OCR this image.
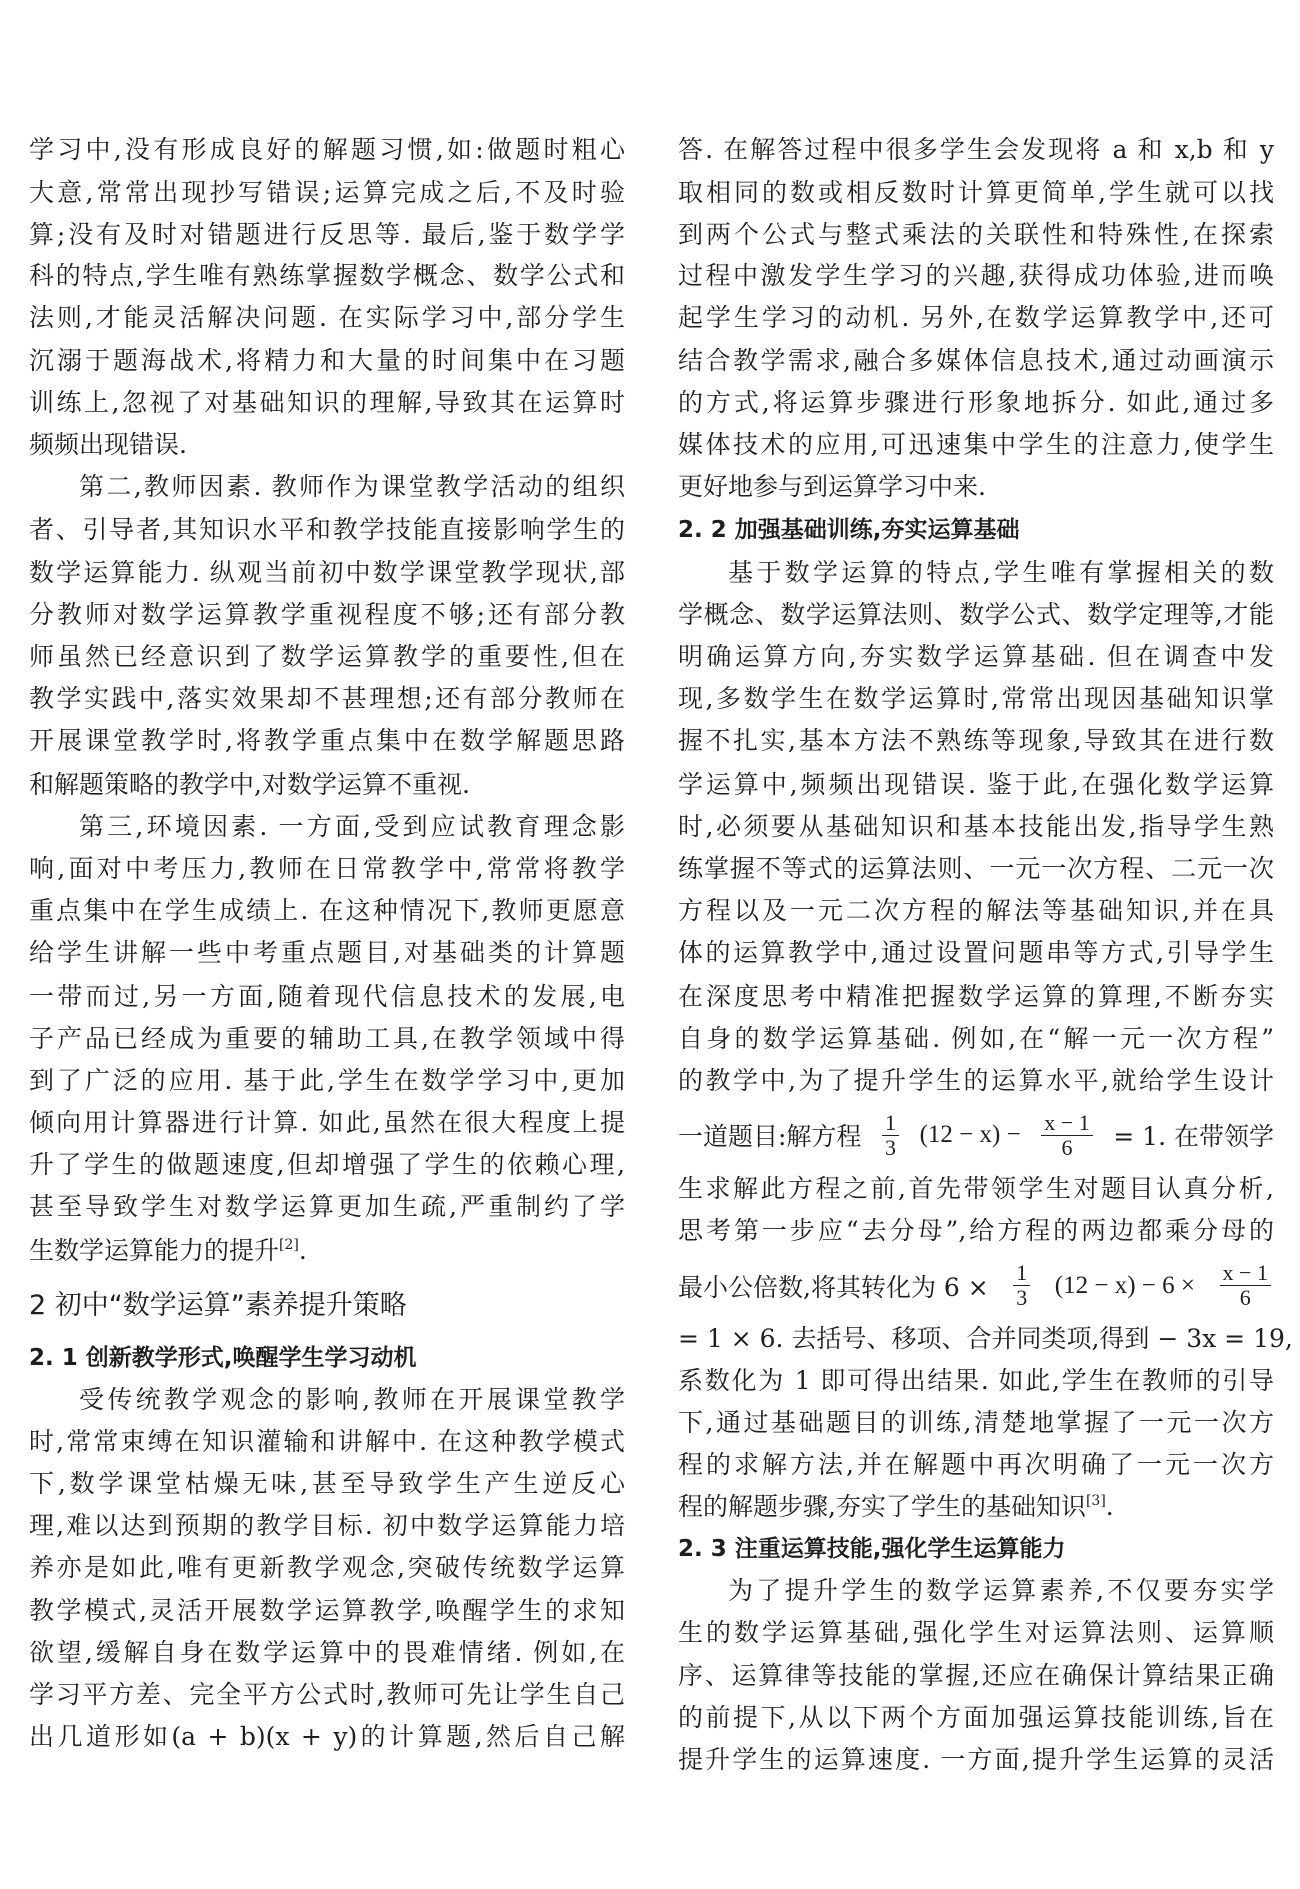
学习中,没有形成良好的解题习惯,如:做题时粗心
大意,常常出现抄写错误;运算完成之后,不及时验
算;没有及时对错题进行反思等. 最后,鉴于数学学
科的特点,学生唯有熟练掌握数学概念、数学公式和
法则,才能灵活解决问题. 在实际学习中,部分学生
沉溺于题海战术,将精力和大量的时间集中在习题
训练上,忽视了对基础知识的理解,导致其在运算时
频频出现错误.
第二,教师因素. 教师作为课堂教学活动的组织
者、引导者,其知识水平和教学技能直接影响学生的
数学运算能力. 纵观当前初中数学课堂教学现状,部
分教师对数学运算教学重视程度不够;还有部分教
师虽然已经意识到了数学运算教学的重要性,但在
教学实践中,落实效果却不甚理想;还有部分教师在
开展课堂教学时,将教学重点集中在数学解题思路
和解题策略的教学中,对数学运算不重视.
第三,环境因素. 一方面,受到应试教育理念影
响,面对中考压力,教师在日常教学中,常常将教学
重点集中在学生成绩上. 在这种情况下,教师更愿意
给学生讲解一些中考重点题目,对基础类的计算题
一带而过,另一方面,随着现代信息技术的发展,电
子产品已经成为重要的辅助工具,在教学领域中得
到了广泛的应用. 基于此,学生在数学学习中,更加
倾向用计算器进行计算. 如此,虽然在很大程度上提
升了学生的做题速度,但却增强了学生的依赖心理,
甚至导致学生对数学运算更加生疏,严重制约了学
生数学运算能力的提升[2].
2 初中“数学运算”素养提升策略
2. 1 创新教学形式,唤醒学生学习动机
受传统教学观念的影响,教师在开展课堂教学
时,常常束缚在知识灌输和讲解中. 在这种教学模式
下,数学课堂枯燥无味,甚至导致学生产生逆反心
理,难以达到预期的教学目标. 初中数学运算能力培
养亦是如此,唯有更新教学观念,突破传统数学运算
教学模式,灵活开展数学运算教学,唤醒学生的求知
欲望,缓解自身在数学运算中的畏难情绪. 例如,在
学习平方差、完全平方公式时,教师可先让学生自己
出几道形如(a + b)(x + y)的计算题,然后自己解
一道题目:解方程 $\frac{1}{3} (12 - x) - \frac{x - 1}{6} = 1$. 在带领学
最小公倍数,将其转化为 $6 \times \frac{1}{3} (12 - x) - 6 \times \frac{x - 1}{6}$
答. 在解答过程中很多学生会发现将 a 和 x,b 和 y
取相同的数或相反数时计算更简单,学生就可以找
到两个公式与整式乘法的关联性和特殊性,在探索
过程中激发学生学习的兴趣,获得成功体验,进而唤
起学生学习的动机. 另外,在数学运算教学中,还可
结合教学需求,融合多媒体信息技术,通过动画演示
的方式,将运算步骤进行形象地拆分. 如此,通过多
媒体技术的应用,可迅速集中学生的注意力,使学生
更好地参与到运算学习中来.
2. 2 加强基础训练,夯实运算基础
基于数学运算的特点,学生唯有掌握相关的数
学概念、数学运算法则、数学公式、数学定理等,才能
明确运算方向,夯实数学运算基础. 但在调查中发
现,多数学生在数学运算时,常常出现因基础知识掌
握不扎实,基本方法不熟练等现象,导致其在进行数
学运算中,频频出现错误. 鉴于此,在强化数学运算
时,必须要从基础知识和基本技能出发,指导学生熟
练掌握不等式的运算法则、一元一次方程、二元一次
方程以及一元二次方程的解法等基础知识,并在具
体的运算教学中,通过设置问题串等方式,引导学生
在深度思考中精准把握数学运算的算理,不断夯实
自身的数学运算基础. 例如,在“解一元一次方程”
的教学中,为了提升学生的运算水平,就给学生设计
生求解此方程之前,首先带领学生对题目认真分析,
思考第一步应“去分母”,给方程的两边都乘分母的
= 1 × 6. 去括号、移项、合并同类项,得到 − 3x = 19,
系数化为 1 即可得出结果. 如此,学生在教师的引导
下,通过基础题目的训练,清楚地掌握了一元一次方
程的求解方法,并在解题中再次明确了一元一次方
程的解题步骤,夯实了学生的基础知识[3].
2. 3 注重运算技能,强化学生运算能力
为了提升学生的数学运算素养,不仅要夯实学
生的数学运算基础,强化学生对运算法则、运算顺
序、运算律等技能的掌握,还应在确保计算结果正确
的前提下,从以下两个方面加强运算技能训练,旨在
提升学生的运算速度. 一方面,提升学生运算的灵活
